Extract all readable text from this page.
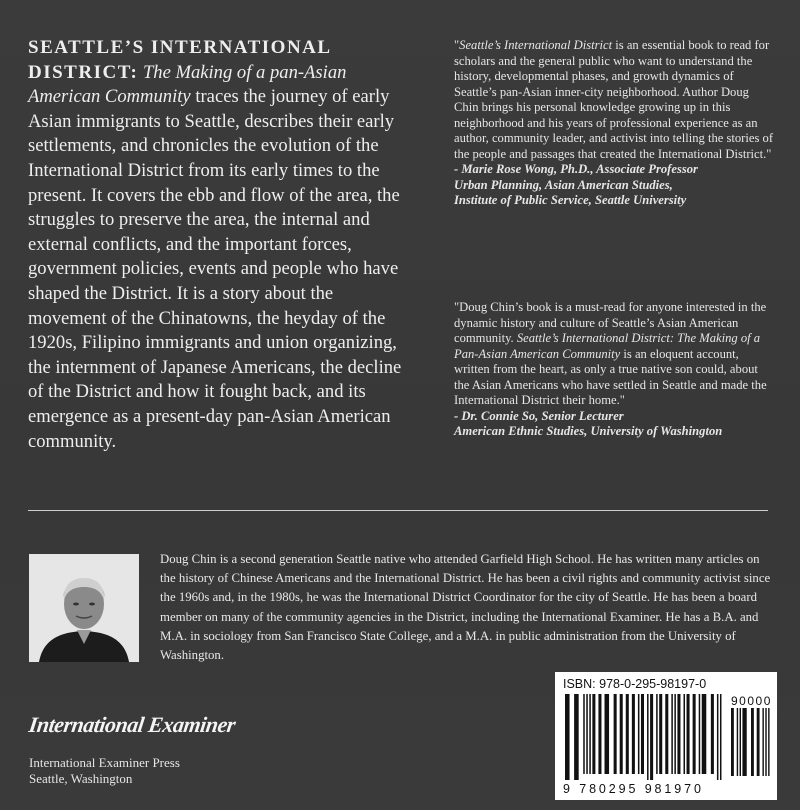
SEATTLE’S INTERNATIONAL DISTRICT: The Making of a pan-Asian American Community traces the journey of early Asian immigrants to Seattle, describes their early settlements, and chronicles the evolution of the International District from its early times to the present. It covers the ebb and flow of the area, the struggles to preserve the area, the internal and external conflicts, and the important forces, government policies, events and people who have shaped the District. It is a story about the movement of the Chinatowns, the heyday of the 1920s, Filipino immigrants and union organizing, the internment of Japanese Americans, the decline of the District and how it fought back, and its emergence as a present-day pan-Asian American community.
"Seattle’s International District is an essential book to read for scholars and the general public who want to understand the history, developmental phases, and growth dynamics of Seattle’s pan-Asian inner-city neighborhood. Author Doug Chin brings his personal knowledge growing up in this neighborhood and his years of professional experience as an author, community leader, and activist into telling the stories of the people and passages that created the International District."
- Marie Rose Wong, Ph.D., Associate Professor
Urban Planning, Asian American Studies,
Institute of Public Service, Seattle University
"Doug Chin’s book is a must-read for anyone interested in the dynamic history and culture of Seattle’s Asian American community. Seattle’s International District: The Making of a Pan-Asian American Community is an eloquent account, written from the heart, as only a true native son could, about the Asian Americans who have settled in Seattle and made the International District their home."
- Dr. Connie So, Senior Lecturer
American Ethnic Studies, University of Washington
Doug Chin is a second generation Seattle native who attended Garfield High School. He has written many articles on the history of Chinese Americans and the International District. He has been a civil rights and community activist since the 1960s and, in the 1980s, he was the International District Coordinator for the city of Seattle. He has been a board member on many of the community agencies in the District, including the International Examiner. He has a B.A. and M.A. in sociology from San Francisco State College, and a M.A. in public administration from the University of Washington.
International Examiner
International Examiner Press
Seattle, Washington
ISBN: 978-0-295-98197-0
90000
9 780295 981970
